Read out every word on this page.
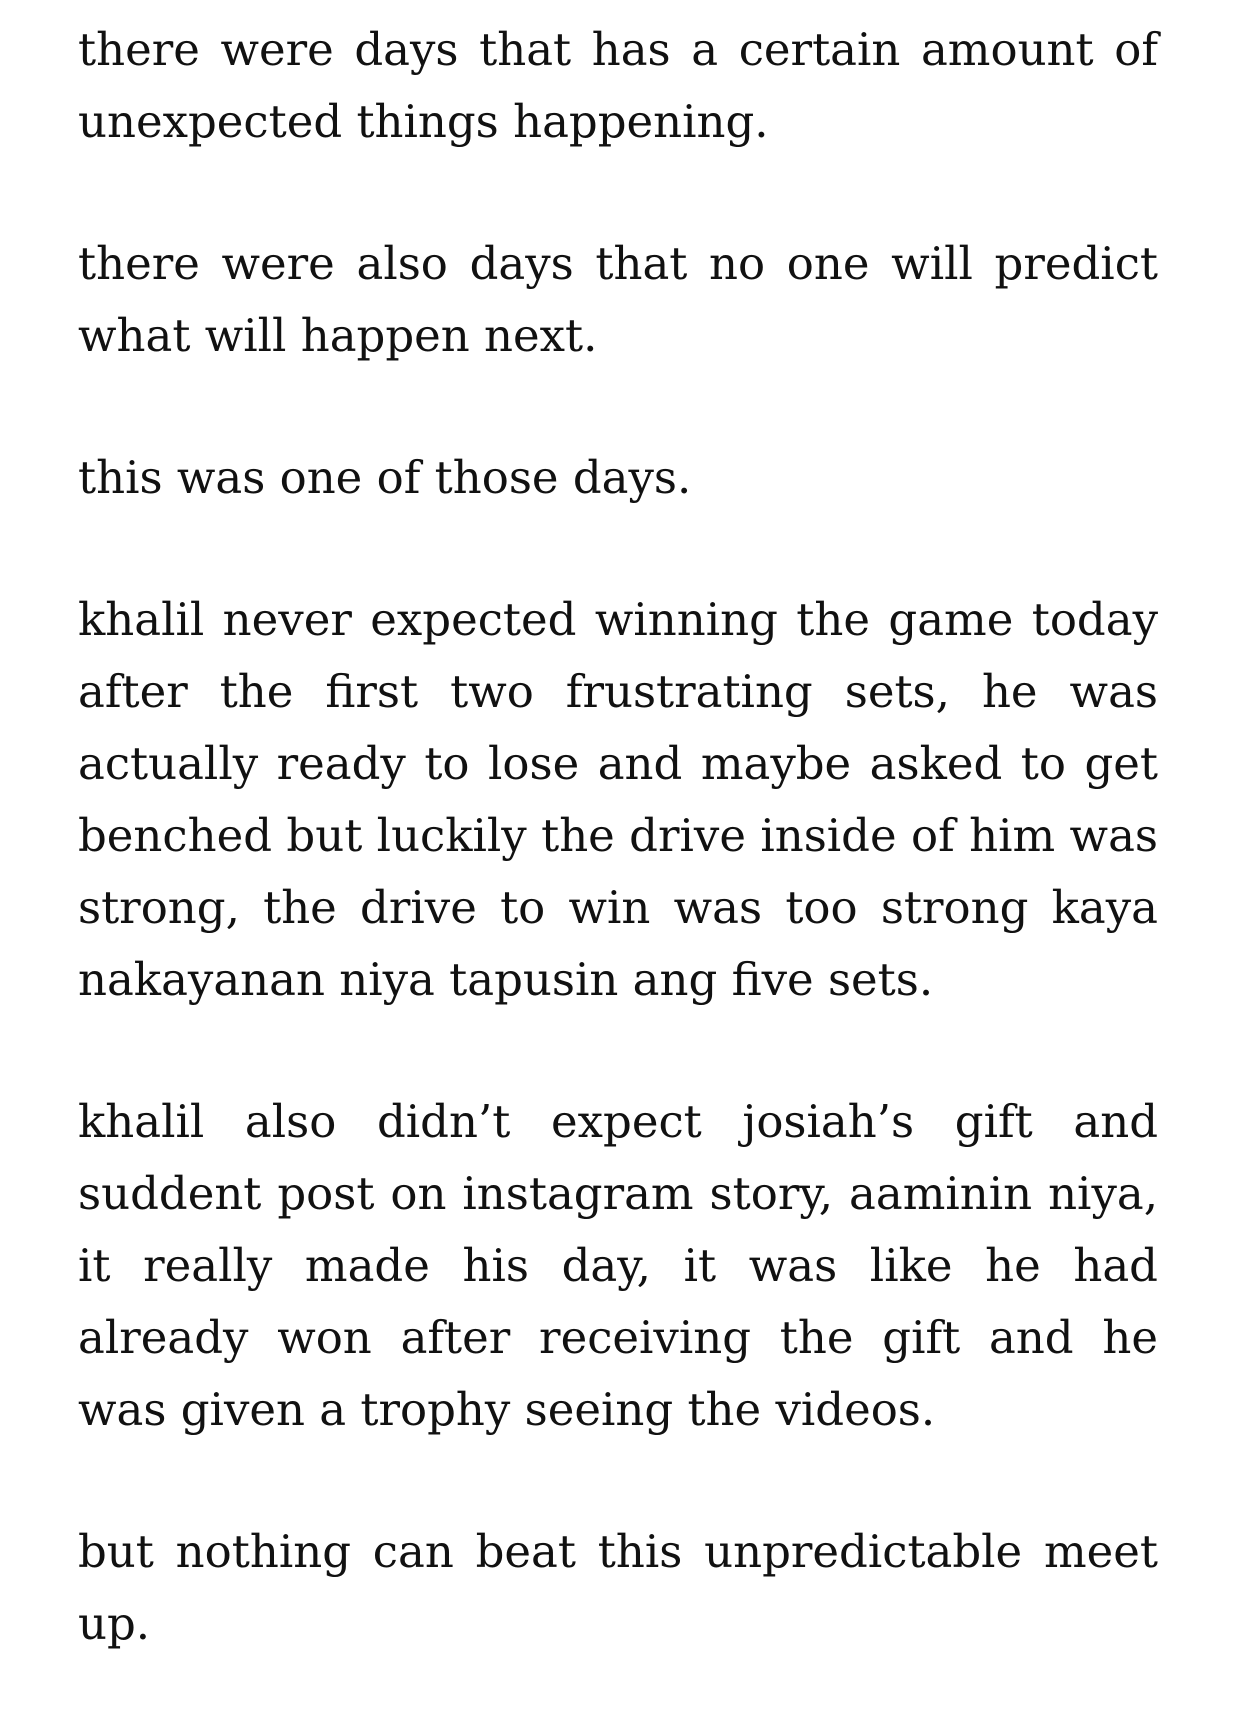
there were days that has a certain amount of unexpected things happening.

there were also days that no one will predict what will happen next.

this was one of those days.

khalil never expected winning the game today after the first two frustrating sets, he was actually ready to lose and maybe asked to get benched but luckily the drive inside of him was strong, the drive to win was too strong kaya nakayanan niya tapusin ang five sets.

khalil also didn’t expect josiah’s gift and suddent post on instagram story, aaminin niya, it really made his day, it was like he had already won after receiving the gift and he was given a trophy seeing the videos.

but nothing can beat this unpredictable meet up.
